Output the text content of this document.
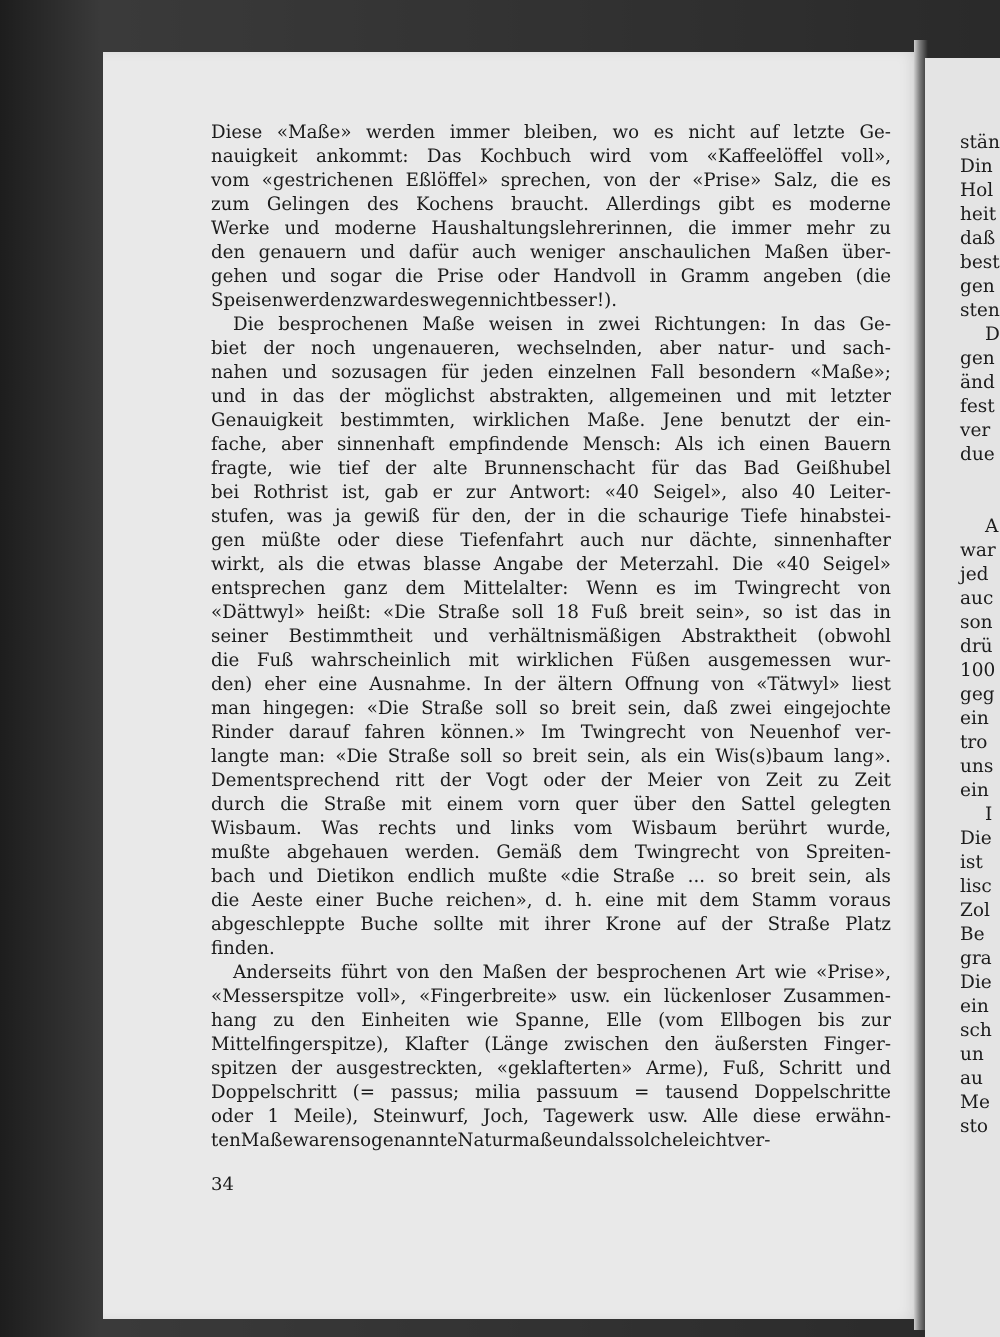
stän
Din
Hol
heit
daß
best
gen
sten
D
gen
änd
fest
ver
due
A
war
jed
auc
son
drü
100
geg
ein
tro
uns
ein
I
Die
ist
lisc
Zol
Be
gra
Die
ein
sch
un
au
Me
sto
Diese «Maße» werden immer bleiben, wo es nicht auf letzte Ge-
nauigkeit ankommt: Das Kochbuch wird vom «Kaffeelöffel voll»,
vom «gestrichenen Eßlöffel» sprechen, von der «Prise» Salz, die es
zum Gelingen des Kochens braucht. Allerdings gibt es moderne
Werke und moderne Haushaltungslehrerinnen, die immer mehr zu
den genauern und dafür auch weniger anschaulichen Maßen über-
gehen und sogar die Prise oder Handvoll in Gramm angeben (die
Speisen werden zwar deswegen nicht besser!).
Die besprochenen Maße weisen in zwei Richtungen: In das Ge-
biet der noch ungenaueren, wechselnden, aber natur- und sach-
nahen und sozusagen für jeden einzelnen Fall besondern «Maße»;
und in das der möglichst abstrakten, allgemeinen und mit letzter
Genauigkeit bestimmten, wirklichen Maße. Jene benutzt der ein-
fache, aber sinnenhaft empfindende Mensch: Als ich einen Bauern
fragte, wie tief der alte Brunnenschacht für das Bad Geißhubel
bei Rothrist ist, gab er zur Antwort: «40 Seigel», also 40 Leiter-
stufen, was ja gewiß für den, der in die schaurige Tiefe hinabstei-
gen müßte oder diese Tiefenfahrt auch nur dächte, sinnenhafter
wirkt, als die etwas blasse Angabe der Meterzahl. Die «40 Seigel»
entsprechen ganz dem Mittelalter: Wenn es im Twingrecht von
«Dättwyl» heißt: «Die Straße soll 18 Fuß breit sein», so ist das in
seiner Bestimmtheit und verhältnismäßigen Abstraktheit (obwohl
die Fuß wahrscheinlich mit wirklichen Füßen ausgemessen wur-
den) eher eine Ausnahme. In der ältern Offnung von «Tätwyl» liest
man hingegen: «Die Straße soll so breit sein, daß zwei eingejochte
Rinder darauf fahren können.» Im Twingrecht von Neuenhof ver-
langte man: «Die Straße soll so breit sein, als ein Wis(s)baum lang».
Dementsprechend ritt der Vogt oder der Meier von Zeit zu Zeit
durch die Straße mit einem vorn quer über den Sattel gelegten
Wisbaum. Was rechts und links vom Wisbaum berührt wurde,
mußte abgehauen werden. Gemäß dem Twingrecht von Spreiten-
bach und Dietikon endlich mußte «die Straße ... so breit sein, als
die Aeste einer Buche reichen», d. h. eine mit dem Stamm voraus
abgeschleppte Buche sollte mit ihrer Krone auf der Straße Platz
finden.
Anderseits führt von den Maßen der besprochenen Art wie «Prise»,
«Messerspitze voll», «Fingerbreite» usw. ein lückenloser Zusammen-
hang zu den Einheiten wie Spanne, Elle (vom Ellbogen bis zur
Mittelfingerspitze), Klafter (Länge zwischen den äußersten Finger-
spitzen der ausgestreckten, «geklafterten» Arme), Fuß, Schritt und
Doppelschritt (= passus; milia passuum = tausend Doppelschritte
oder 1 Meile), Steinwurf, Joch, Tagewerk usw. Alle diese erwähn-
ten Maße waren sogenannte Naturmaße und als solche leicht ver-
34
